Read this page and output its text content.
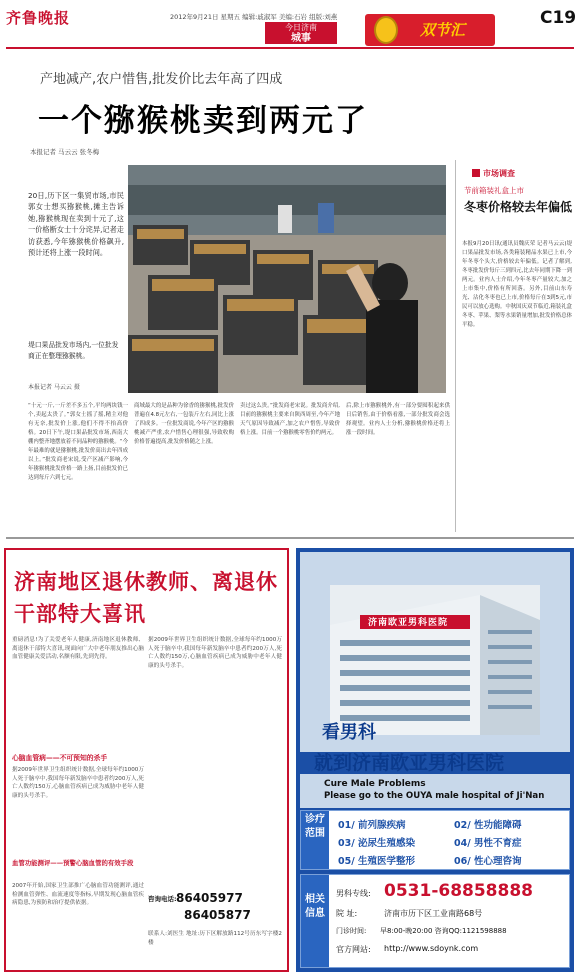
齐鲁晚报	2012年9月21日 星期五 编辑:戚淑军 美编:石岩 组版:刘燕
今日济南
城事	双节汇
C19
产地减产,农户惜售,批发价比去年高了四成
一个猕猴桃卖到两元了
本报记者 马云云 张冬梅
20日,历下区一集贸市场,市民郭女士想买猕猴桃,摊主告诉她,猕猴桃现在卖到十元了,这一价格断女士十分诧异,记者走访获悉,今年猕猴桃价格飙升,预计还将上涨一段时间。
堤口果品批发市场内,一位批发商正在整理猕猴桃。
本报记者 马云云 摄
“十元一斤,一斤差不多五个,平均两块钱一个,卖起太贵了。”郭女士摇了摇,精主对他有无奈,批发价上涨,他们不得不抬高价格。20日下午,堤口果品批发市场,西南大棚内整齐地摆放着不同品种的猕猴桃。“今年最难的就是猕猴桃,批发价高出去年四成以上。”批发商老宋说,受产区减产影响,今年猕猴桃批发价格一路上扬,目前批发价已达到每斤六到七元。
商域最大的是品种为徐香的猕猴桃,批发价普遍在4.8元左右,一包装斤左右,同比上涨了四成多。一位批发商说,今年产区的猕猴桃减产严重,农户惜售心理很强,导致收购价格普遍提高,批发价格随之上涨。
卖过这么贵。”批发商老宋说。批发商介绍,目前的猕猴桃主要来自陕西周至,今年产地天气原因导致减产,加之农户惜售,导致价格上涨。目前一个猕猴桃零售价约两元。
后,除上市猕猴桃外,有一部分要囤积起来供日后销售,由于价格看涨,一部分批发商会选择观望。业内人士分析,猕猴桃价格还将上涨一段时间。
市场调查
节前箱装礼盒上市
冬枣价格较去年偏低
本报9月20日讯(通讯员魏庆荣 记者马云云)堤口果品批发市场,各类箱装精品水果已上市,今年冬枣个头大,价格较去年偏低。记者了解到,冬枣批发价每斤三到四元,比去年同期下降一到两元。业内人士介绍,今年冬枣产量较大,加之上市集中,价格有所回落。另外,目前山东寿光、沾化冬枣也已上市,价格每斤在3到5元,市民可以放心选购。中秋国庆双节临近,箱装礼盒冬枣、苹果、梨等水果销量增加,批发价格总体平稳。
济南地区退休教师、离退休干部特大喜讯
重磅消息!为了关爱老年人健康,济南地区退休教师、离退休干部特大喜讯,现面向广大中老年朋友推出心脑血管健康关爱活动,名额有限,先到先得。
心脑血管病——不可预知的杀手
据2009年世界卫生组织统计数据,全球每年约1000万人死于脑卒中,我国每年新发脑卒中患者约200万人,死亡人数约150万,心脑血管疾病已成为威胁中老年人健康的头号杀手。
血管功能测评——预警心脑血管的有效手段
2007年开始,国家卫生部推广心脑血管功能测评,通过检测血管弹性、血流速度等指标,早期发现心脑血管疾病隐患,为预防和治疗提供依据。
据2009年世界卫生组织统计数据,全球每年约1000万人死于脑卒中,我国每年新发脑卒中患者约200万人,死亡人数约150万,心脑血管疾病已成为威胁中老年人健康的头号杀手。
咨询电话: 86405977
86405877
联系人:刘医生 地址:历下区解放路112号历东写字楼2楼
济南欧亚男科医院
看男科
就到济南欧亚男科医院
Cure Male Problems
Please go to the OUYA male hospital of Ji'Nan
诊疗范围
01/ 前列腺疾病	02/ 性功能障碍
03/ 泌尿生殖感染	04/ 男性不育症
05/ 生殖医学整形	06/ 性心理咨询
相关信息
男科专线: 0531-68858888
院 址:	济南市历下区工业南路68号
门诊时间: 早8:00-晚20:00 咨询QQ:1121598888
官方网站: http://www.sdoynk.com
